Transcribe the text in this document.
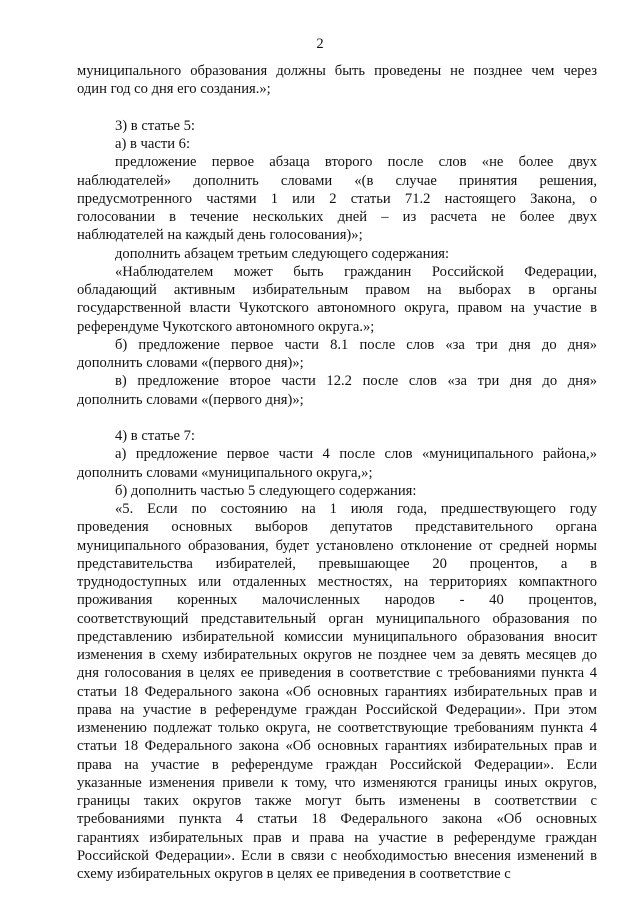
2
муниципального образования должны быть проведены не позднее чем через
один год со дня его создания.»;
3) в статье 5:
а) в части 6:
предложение первое абзаца второго после слов «не более двух
наблюдателей» дополнить словами «(в случае принятия решения,
предусмотренного частями 1 или 2 статьи 71.2 настоящего Закона, о
голосовании в течение нескольких дней – из расчета не более двух
наблюдателей на каждый день голосования)»;
дополнить абзацем третьим следующего содержания:
«Наблюдателем может быть гражданин Российской Федерации,
обладающий активным избирательным правом на выборах в органы
государственной власти Чукотского автономного округа, правом на участие в
референдуме Чукотского автономного округа.»;
б) предложение первое части 8.1 после слов «за три дня до дня»
дополнить словами «(первого дня)»;
в) предложение второе части 12.2 после слов «за три дня до дня»
дополнить словами «(первого дня)»;
4) в статье 7:
а) предложение первое части 4 после слов «муниципального района,»
дополнить словами «муниципального округа,»;
б) дополнить частью 5 следующего содержания:
«5. Если по состоянию на 1 июля года, предшествующего году
проведения основных выборов депутатов представительного органа
муниципального образования, будет установлено отклонение от средней нормы
представительства избирателей, превышающее 20 процентов, а в
труднодоступных или отдаленных местностях, на территориях компактного
проживания коренных малочисленных народов - 40 процентов,
соответствующий представительный орган муниципального образования по
представлению избирательной комиссии муниципального образования вносит
изменения в схему избирательных округов не позднее чем за девять месяцев до
дня голосования в целях ее приведения в соответствие с требованиями пункта 4
статьи 18 Федерального закона «Об основных гарантиях избирательных прав и
права на участие в референдуме граждан Российской Федерации». При этом
изменению подлежат только округа, не соответствующие требованиям пункта 4
статьи 18 Федерального закона «Об основных гарантиях избирательных прав и
права на участие в референдуме граждан Российской Федерации». Если
указанные изменения привели к тому, что изменяются границы иных округов,
границы таких округов также могут быть изменены в соответствии с
требованиями пункта 4 статьи 18 Федерального закона «Об основных
гарантиях избирательных прав и права на участие в референдуме граждан
Российской Федерации». Если в связи с необходимостью внесения изменений в
схему избирательных округов в целях ее приведения в соответствие с
